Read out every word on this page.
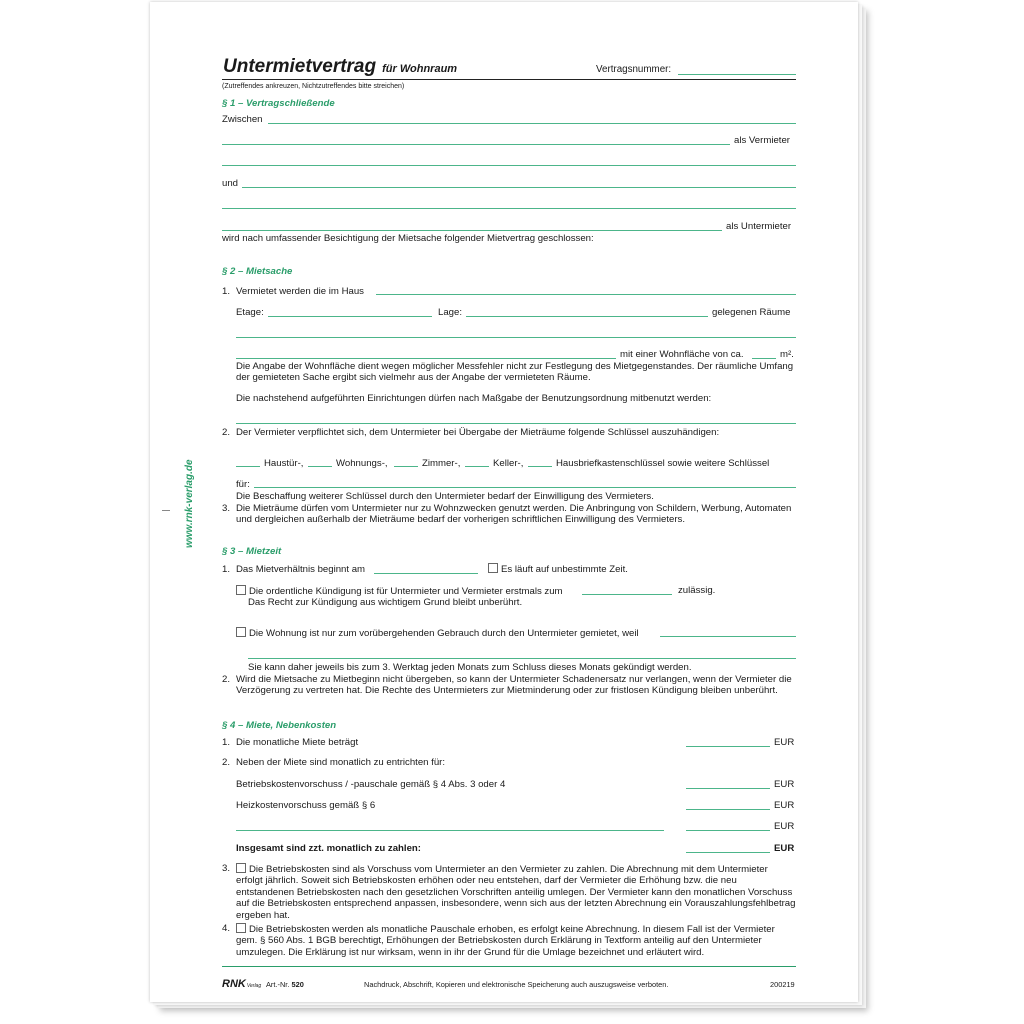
www.rnk-verlag.de
Untermietvertrag für Wohnraum	Vertragsnummer:
(Zutreffendes ankreuzen, Nichtzutreffendes bitte streichen)
§ 1 – Vertragschließende
Zwischen
als Vermieter
und
als Untermieter
wird nach umfassender Besichtigung der Mietsache folgender Mietvertrag geschlossen:
§ 2 – Mietsache
1. Vermietet werden die im Haus
Etage:	Lage:	gelegenen Räume
mit einer Wohnfläche von ca.	m².
Die Angabe der Wohnfläche dient wegen möglicher Messfehler nicht zur Festlegung des Mietgegenstandes. Der räumliche Umfang der gemieteten Sache ergibt sich vielmehr aus der Angabe der vermieteten Räume.
Die nachstehend aufgeführten Einrichtungen dürfen nach Maßgabe der Benutzungsordnung mitbenutzt werden:
2. Der Vermieter verpflichtet sich, dem Untermieter bei Übergabe der Mieträume folgende Schlüssel auszuhändigen:
Haustür-,	Wohnungs-,	Zimmer-,	Keller-,	Hausbriefkastenschlüssel sowie weitere Schlüssel
für:
Die Beschaffung weiterer Schlüssel durch den Untermieter bedarf der Einwilligung des Vermieters.
3. Die Mieträume dürfen vom Untermieter nur zu Wohnzwecken genutzt werden. Die Anbringung von Schildern, Werbung, Automaten und dergleichen außerhalb der Mieträume bedarf der vorherigen schriftlichen Einwilligung des Vermieters.
§ 3 – Mietzeit
1. Das Mietverhältnis beginnt am	Es läuft auf unbestimmte Zeit.
Die ordentliche Kündigung ist für Untermieter und Vermieter erstmals zum	zulässig.
Das Recht zur Kündigung aus wichtigem Grund bleibt unberührt.
Die Wohnung ist nur zum vorübergehenden Gebrauch durch den Untermieter gemietet, weil
Sie kann daher jeweils bis zum 3. Werktag jeden Monats zum Schluss dieses Monats gekündigt werden.
2. Wird die Mietsache zu Mietbeginn nicht übergeben, so kann der Untermieter Schadenersatz nur verlangen, wenn der Vermieter die Verzögerung zu vertreten hat. Die Rechte des Untermieters zur Mietminderung oder zur fristlosen Kündigung bleiben unberührt.
§ 4 – Miete, Nebenkosten
1. Die monatliche Miete beträgt	EUR
2. Neben der Miete sind monatlich zu entrichten für:
Betriebskostenvorschuss / -pauschale gemäß § 4 Abs. 3 oder 4	EUR
Heizkostenvorschuss gemäß § 6	EUR
EUR
Insgesamt sind zzt. monatlich zu zahlen:	EUR
3.	Die Betriebskosten sind als Vorschuss vom Untermieter an den Vermieter zu zahlen. Die Abrechnung mit dem Untermieter erfolgt jährlich. Soweit sich Betriebskosten erhöhen oder neu entstehen, darf der Vermieter die Erhöhung bzw. die neu entstandenen Betriebskosten nach den gesetzlichen Vorschriften anteilig umlegen. Der Vermieter kann den monatlichen Vorschuss auf die Betriebskosten entsprechend anpassen, insbesondere, wenn sich aus der letzten Abrechnung ein Vorauszahlungsfehlbetrag ergeben hat.
4.	Die Betriebskosten werden als monatliche Pauschale erhoben, es erfolgt keine Abrechnung. In diesem Fall ist der Vermieter gem. § 560 Abs. 1 BGB berechtigt, Erhöhungen der Betriebskosten durch Erklärung in Textform anteilig auf den Untermieter umzulegen. Die Erklärung ist nur wirksam, wenn in ihr der Grund für die Umlage bezeichnet und erläutert wird.
RNKVerlag Art.-Nr. 520	Nachdruck, Abschrift, Kopieren und elektronische Speicherung auch auszugsweise verboten.	200219
